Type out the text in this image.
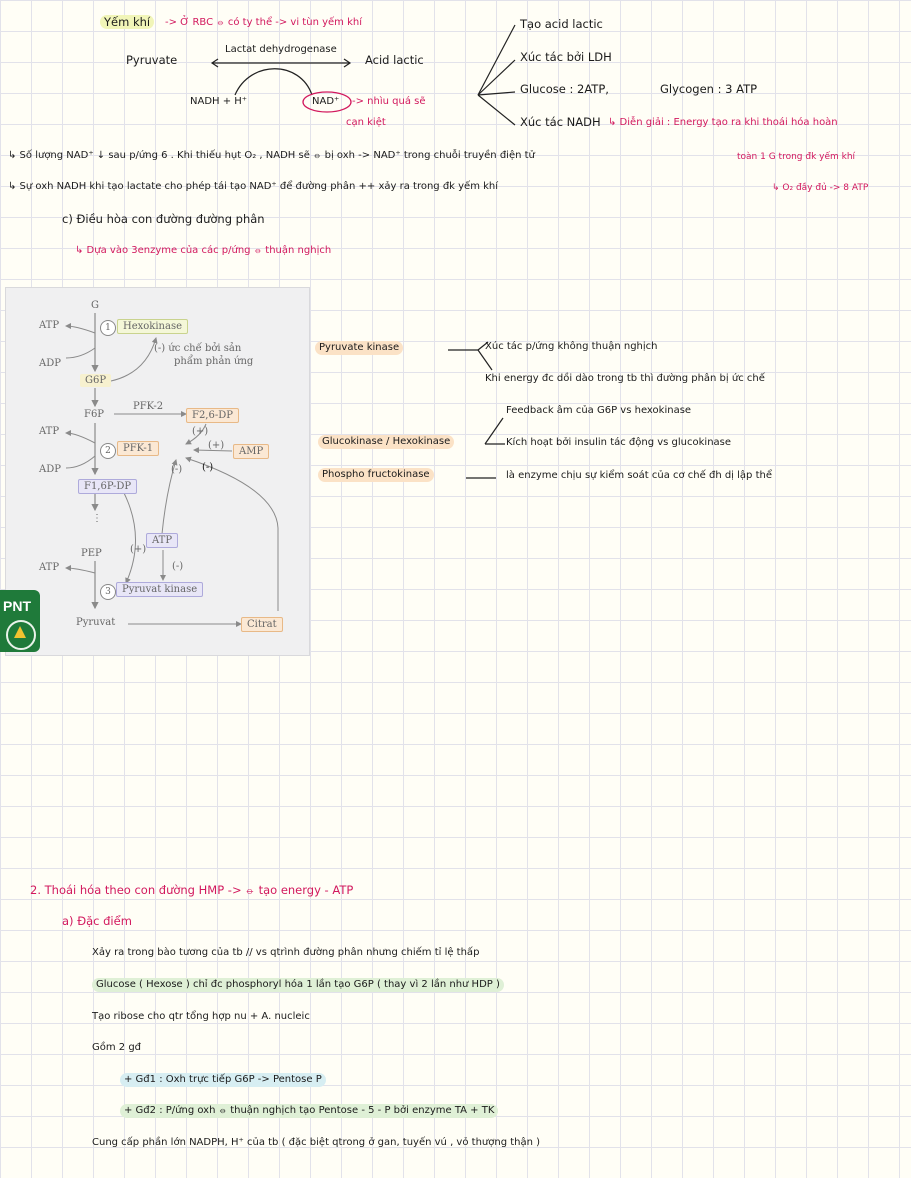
Yếm khí	-> Ở RBC ⦵ có ty thể -> vi tùn yếm khí
Pyruvate
Lactat dehydrogenase
Acid lactic
NADH + H⁺	NAD⁺ -> nhìu quá sẽ
cạn kiệt
Tạo acid lactic
Xúc tác bởi LDH
Glucose : 2ATP,	Glycogen : 3 ATP
Xúc tác NADH ↳ Diễn giải : Energy tạo ra khi thoái hóa hoàn
↳ Số lượng NAD⁺ ↓ sau p/ứng 6 . Khi thiếu hụt O₂ , NADH sẽ ⦵ bị oxh -> NAD⁺ trong chuỗi truyền điện tử	toàn 1 G trong đk yếm khí
↳ Sự oxh NADH khi tạo lactate cho phép tái tạo NAD⁺ để đường phân ++ xảy ra trong đk yếm khí	↳ O₂ đầy đủ -> 8 ATP
c) Điều hòa con đường đường phân
↳ Dựa vào 3enzyme của các p/ứng ⦵ thuận nghịch
G
1	Hexokinase
ATP
ADP
(-) ức chế bởi sản
phẩm phản ứng
G6P
F6P
PFK-2
F2,6-DP
(+)
(+)
AMP
ATP
ADP
2	PFK-1
(-) (-)
F1,6P-DP
⋮
ATP
(+)
(-)
PEP
ATP
3	Pyruvat kinase
Pyruvat	Citrat
PNT
Pyruvate kinase	Xúc tác p/ứng không thuận nghịch
Khi energy đc dồi dào trong tb thì đường phân bị ức chế
Feedback âm của G6P vs hexokinase
Glucokinase / Hexokinase	Kích hoạt bởi insulin tác động vs glucokinase
Phospho fructokinase	là enzyme chịu sự kiểm soát của cơ chế đh dị lập thể
2. Thoái hóa theo con đường HMP -> ⦵ tạo energy - ATP
a) Đặc điểm
Xảy ra trong bào tương của tb // vs qtrình đường phân nhưng chiếm tỉ lệ thấp
Glucose ( Hexose ) chỉ đc phosphoryl hóa 1 lần tạo G6P ( thay vì 2 lần như HDP )
Tạo ribose cho qtr tổng hợp nu + A. nucleic
Gồm 2 gđ
+ Gđ1 : Oxh trực tiếp G6P -> Pentose P
+ Gđ2 : P/ứng oxh ⦵ thuận nghịch tạo Pentose - 5 - P bởi enzyme TA + TK
Cung cấp phần lớn NADPH, H⁺ của tb ( đặc biệt qtrong ở gan, tuyến vú , vỏ thượng thận )
